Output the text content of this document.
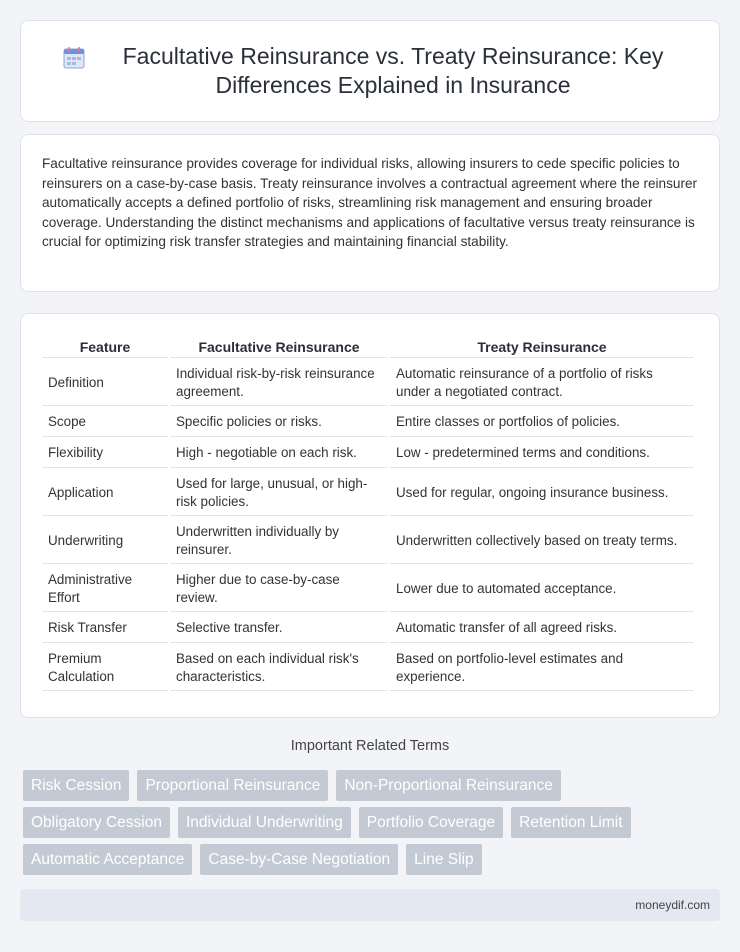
Facultative Reinsurance vs. Treaty Reinsurance: Key Differences Explained in Insurance

Facultative reinsurance provides coverage for individual risks, allowing insurers to cede specific policies to reinsurers on a case-by-case basis. Treaty reinsurance involves a contractual agreement where the reinsurer automatically accepts a defined portfolio of risks, streamlining risk management and ensuring broader coverage. Understanding the distinct mechanisms and applications of facultative versus treaty reinsurance is crucial for optimizing risk transfer strategies and maintaining financial stability.

Feature	Facultative Reinsurance	Treaty Reinsurance
Definition	Individual risk-by-risk reinsurance agreement.	Automatic reinsurance of a portfolio of risks under a negotiated contract.
Scope	Specific policies or risks.	Entire classes or portfolios of policies.
Flexibility	High - negotiable on each risk.	Low - predetermined terms and conditions.
Application	Used for large, unusual, or high-risk policies.	Used for regular, ongoing insurance business.
Underwriting	Underwritten individually by reinsurer.	Underwritten collectively based on treaty terms.
Administrative Effort	Higher due to case-by-case review.	Lower due to automated acceptance.
Risk Transfer	Selective transfer.	Automatic transfer of all agreed risks.
Premium Calculation	Based on each individual risk's characteristics.	Based on portfolio-level estimates and experience.
Important Related Terms
Risk Cession	Proportional Reinsurance	Non-Proportional Reinsurance
Obligatory Cession	Individual Underwriting	Portfolio Coverage	Retention Limit
Automatic Acceptance	Case-by-Case Negotiation	Line Slip
moneydif.com
